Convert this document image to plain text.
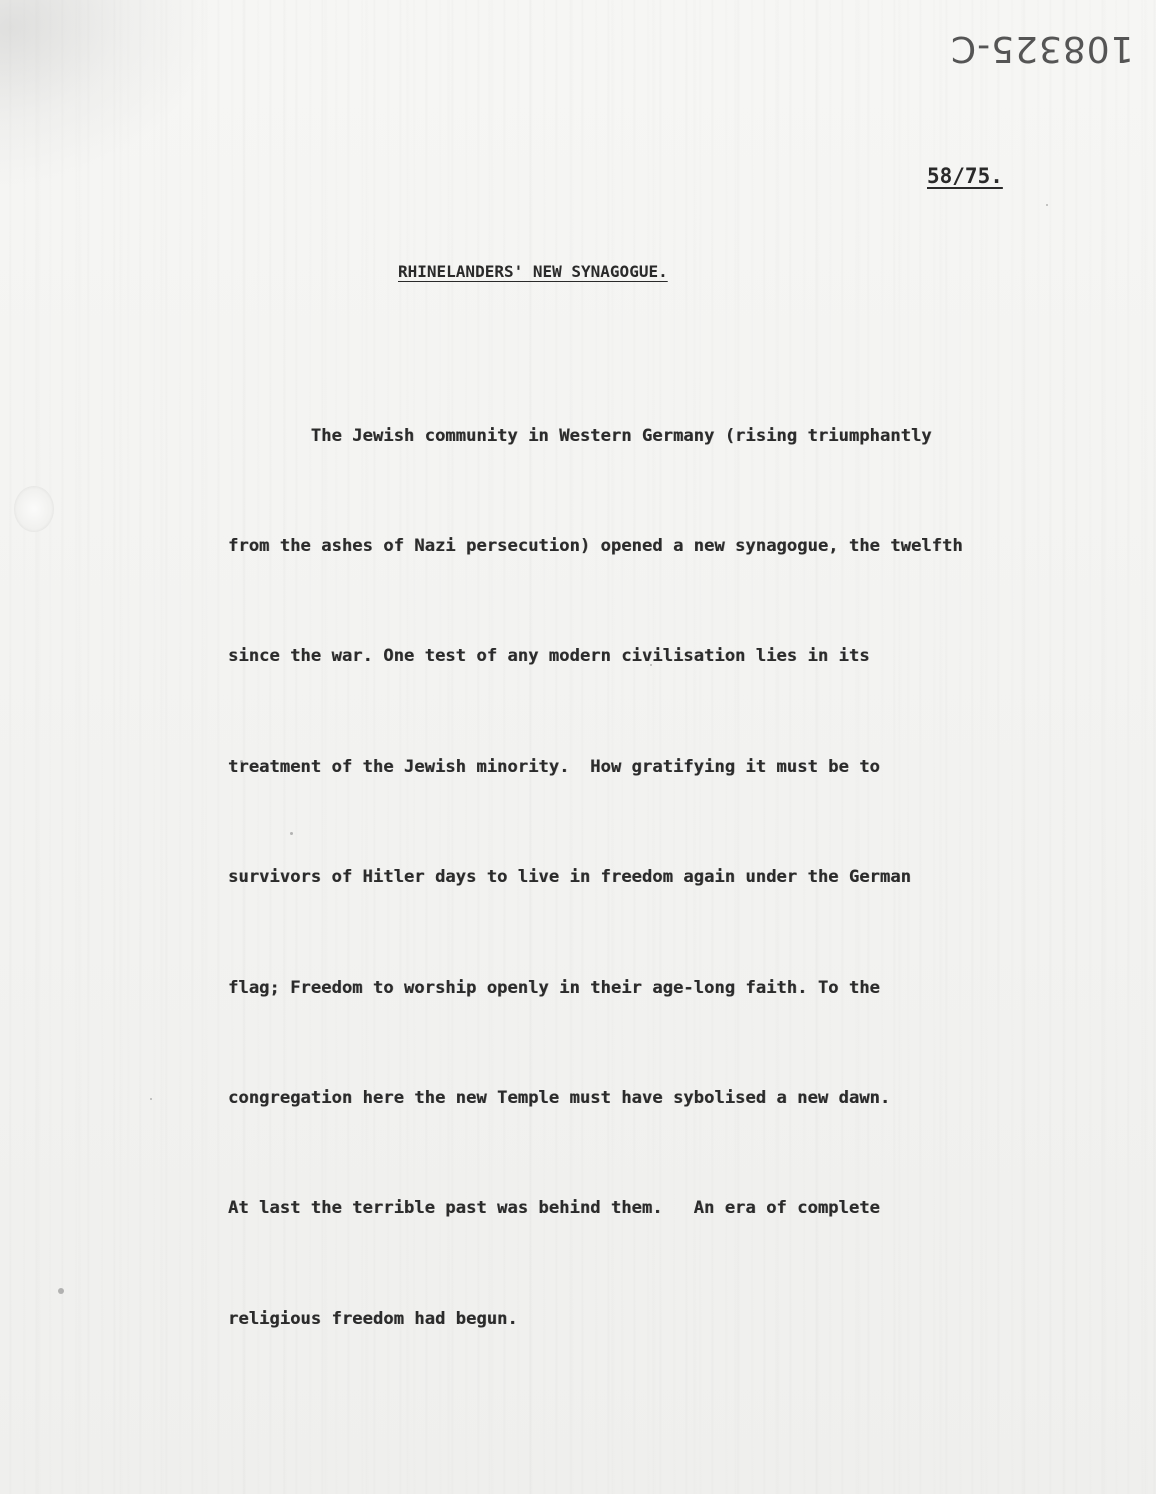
108325-C
58/75.
RHINELANDERS' NEW SYNAGOGUE.

The Jewish community in Western Germany (rising triumphantly

from the ashes of Nazi persecution) opened a new synagogue, the twelfth

since the war. One test of any modern civilisation lies in its

treatment of the Jewish minority.  How gratifying it must be to

survivors of Hitler days to live in freedom again under the German

flag; Freedom to worship openly in their age-long faith. To the

congregation here the new Temple must have sybolised a new dawn.

At last the terrible past was behind them.   An era of complete

religious freedom had begun.
